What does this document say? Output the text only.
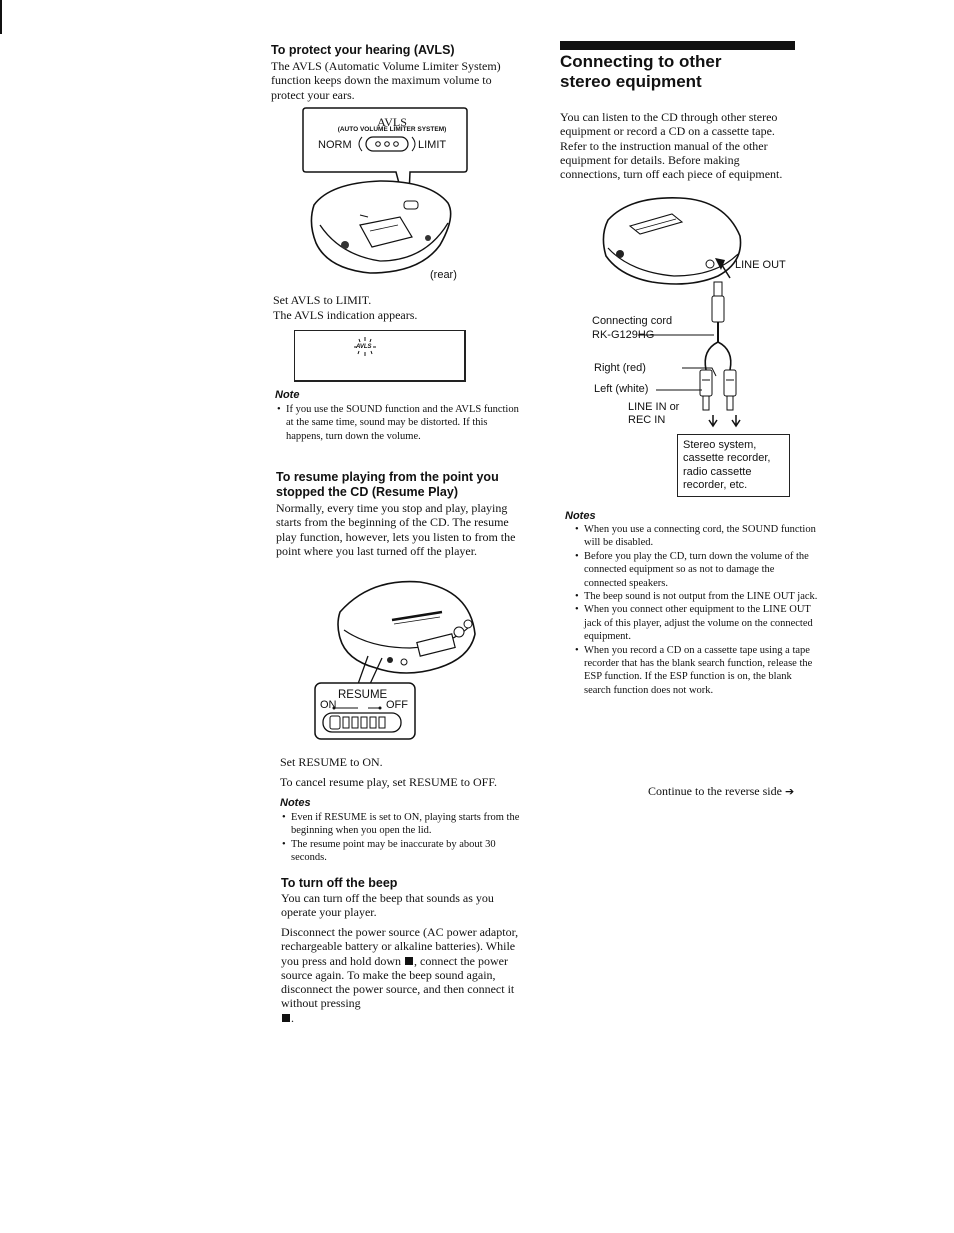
To protect your hearing (AVLS)
The AVLS (Automatic Volume Limiter System) function keeps down the maximum volume to protect your ears.
AVLS
(AUTO VOLUME LIMITER SYSTEM)
NORM	LIMIT
(rear)
Set AVLS to LIMIT.
The AVLS indication appears.
AVLS
Note
• If you use the SOUND function and the AVLS function at the same time, sound may be distorted. If this happens, turn down the volume.
To resume playing from the point you stopped the CD (Resume Play)
Normally, every time you stop and play, playing starts from the beginning of the CD. The resume play function, however, lets you listen to from the point where you last turned off the player.
RESUME
ON	OFF
Set RESUME to ON.
To cancel resume play, set RESUME to OFF.
Notes
• Even if RESUME is set to ON, playing starts from the beginning when you open the lid.
• The resume point may be inaccurate by about 30 seconds.
To turn off the beep
You can turn off the beep that sounds as you operate your player.
Disconnect the power source (AC power adaptor, rechargeable battery or alkaline batteries). While you press and hold down , connect the power source again. To make the beep sound again, disconnect the power source, and then connect it without pressing
.
Connecting to other
stereo equipment
You can listen to the CD through other stereo equipment or record a CD on a cassette tape. Refer to the instruction manual of the other equipment for details. Before making connections, turn off each piece of equipment.
LINE OUT
Connecting cord
RK-G129HG
Right (red)
Left (white)
LINE IN or
REC IN
Stereo system, cassette recorder, radio cassette recorder, etc.
Notes
• When you use a connecting cord, the SOUND function will be disabled.
• Before you play the CD, turn down the volume of the connected equipment so as not to damage the connected speakers.
• The beep sound is not output from the LINE OUT jack.
• When you connect other equipment to the LINE OUT jack of this player, adjust the volume on the connected equipment.
• When you record a CD on a cassette tape using a tape recorder that has the blank search function, release the ESP function. If the ESP function is on, the blank search function does not work.
Continue to the reverse side ➔
